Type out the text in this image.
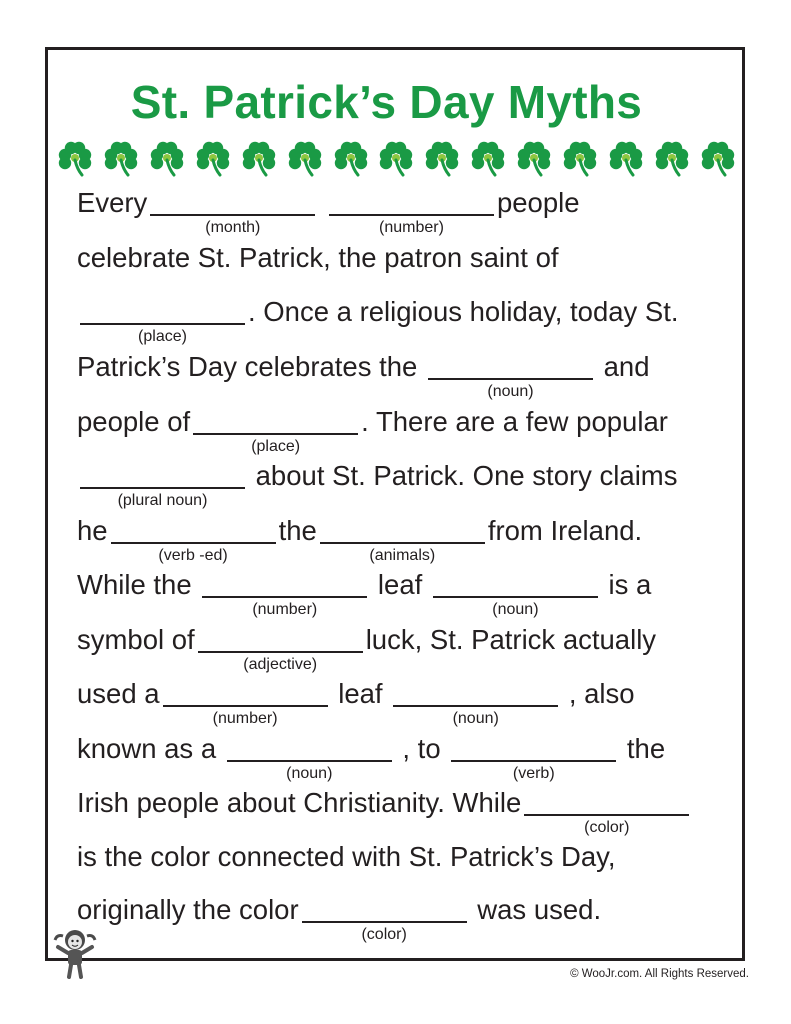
St. Patrick’s Day Myths
Every
(month)
	(number)
people
celebrate St. Patrick, the patron saint of
(place)
. Once a religious holiday, today St.
Patrick’s Day celebrates the
(noun)
and
people of
(place)
. There are a few popular
(plural noun)
about St. Patrick. One story claims
he
(verb -ed)
the
(animals)
from Ireland.
While the
(number)
leaf
(noun)
is a
symbol of
(adjective)
luck, St. Patrick actually
used a
(number)
leaf
(noun)
, also
known as a
(noun)
, to
(verb)
the
Irish people about Christianity. While
(color)
is the color connected with St. Patrick’s Day,
originally the color
(color)
was used.
© WooJr.com. All Rights Reserved.
